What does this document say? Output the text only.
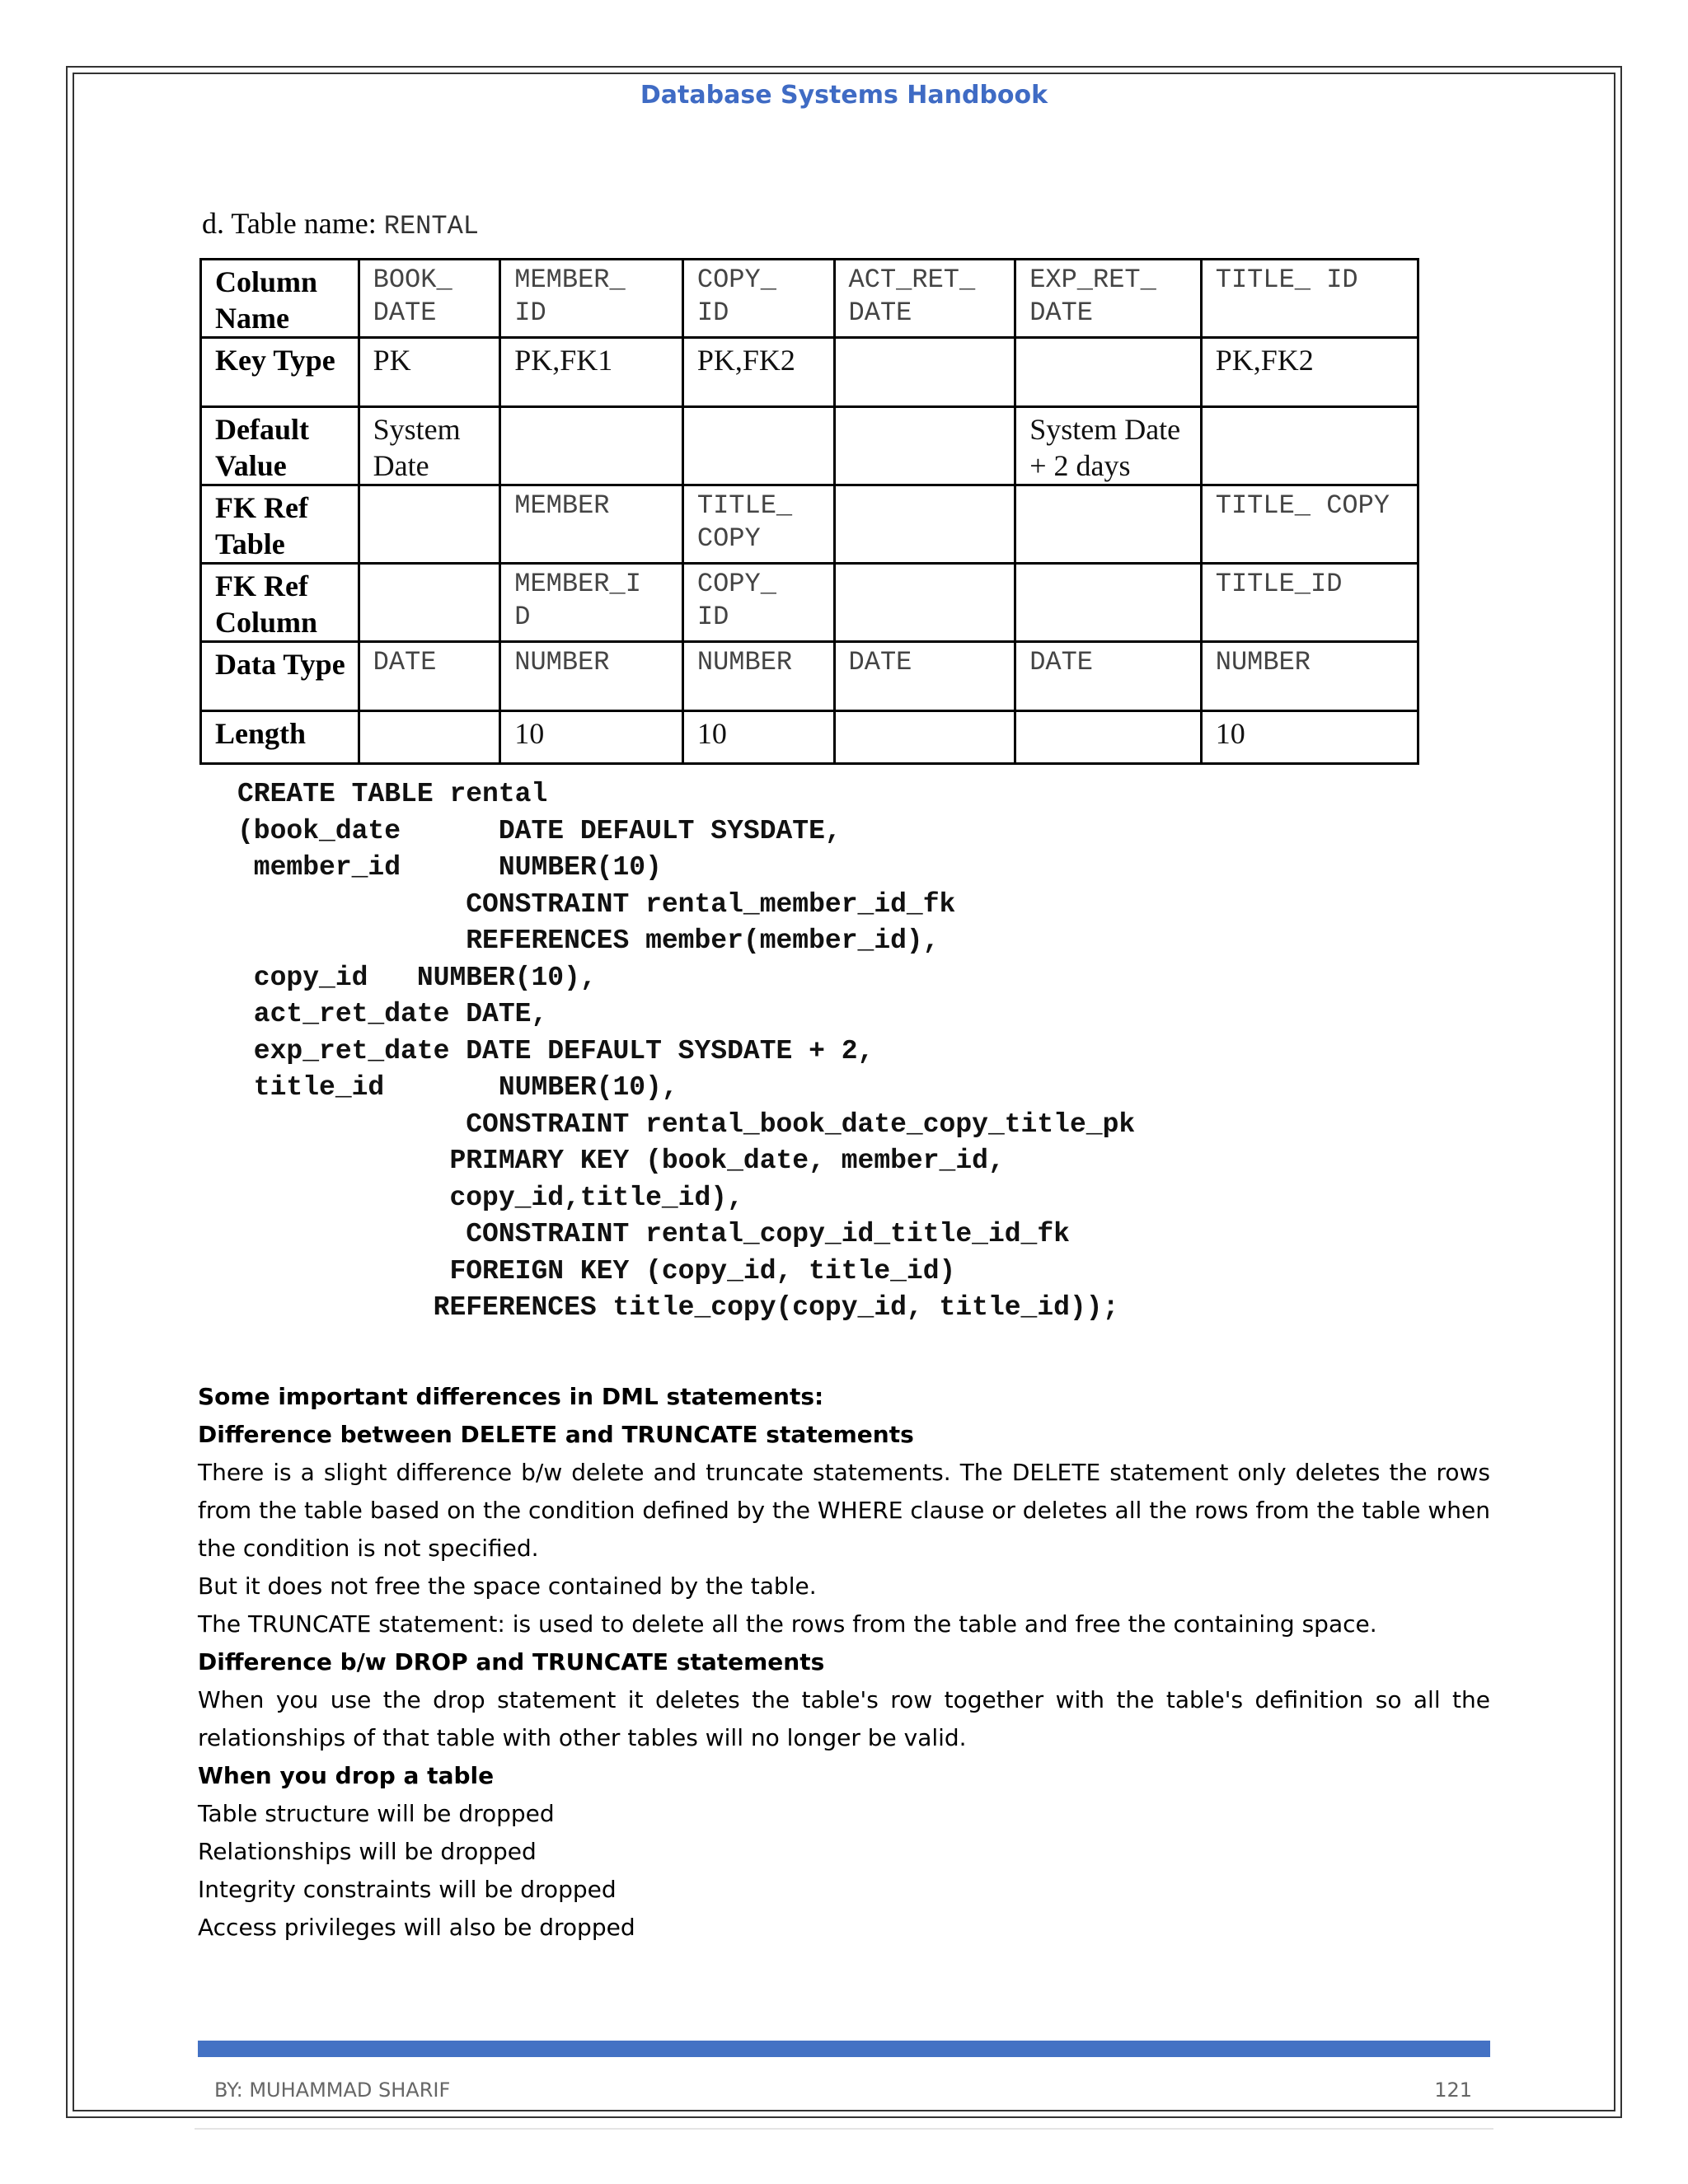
Database Systems Handbook
d. Table name: RENTAL
Column Name	BOOK_ DATE	MEMBER_ ID	COPY_ ID	ACT_RET_ DATE	EXP_RET_ DATE	TITLE_ ID
Key Type	PK	PK,FK1	PK,FK2			PK,FK2
Default Value	System Date				System Date + 2 days	
FK Ref Table		MEMBER	TITLE_ COPY			TITLE_ COPY
FK Ref Column		MEMBER_I D	COPY_ ID			TITLE_ID
Data Type	DATE	NUMBER	NUMBER	DATE	DATE	NUMBER
Length		10	10			10
CREATE TABLE rental
(book_date      DATE DEFAULT SYSDATE,
member_id      NUMBER(10)
CONSTRAINT rental_member_id_fk
REFERENCES member(member_id),
copy_id   NUMBER(10),
act_ret_date DATE,
exp_ret_date DATE DEFAULT SYSDATE + 2,
title_id       NUMBER(10),
CONSTRAINT rental_book_date_copy_title_pk
PRIMARY KEY (book_date, member_id,
copy_id,title_id),
CONSTRAINT rental_copy_id_title_id_fk
FOREIGN KEY (copy_id, title_id)
REFERENCES title_copy(copy_id, title_id));

Some important differences in DML statements:

Difference between DELETE and TRUNCATE statements

There is a slight difference b/w delete and truncate statements. The DELETE statement only deletes the rows from the table based on the condition defined by the WHERE clause or deletes all the rows from the table when the condition is not specified.

But it does not free the space contained by the table.

The TRUNCATE statement: is used to delete all the rows from the table and free the containing space.

Difference b/w DROP and TRUNCATE statements

When you use the drop statement it deletes the table's row together with the table's definition so all the relationships of that table with other tables will no longer be valid.

When you drop a table

Table structure will be dropped

Relationships will be dropped

Integrity constraints will be dropped

Access privileges will also be dropped

BY: MUHAMMAD SHARIF	121
